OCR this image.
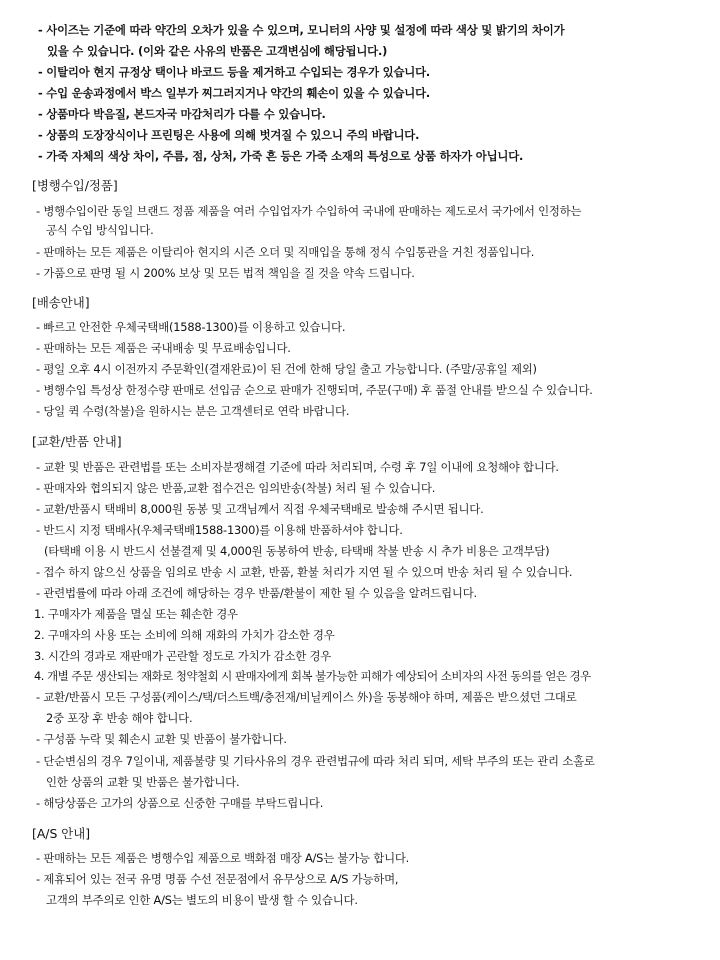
- 사이즈는 기준에 따라 약간의 오차가 있을 수 있으며, 모니터의 사양 및 설정에 따라 색상 및 밝기의 차이가
있을 수 있습니다. (이와 같은 사유의 반품은 고객변심에 해당됩니다.)
- 이탈리아 현지 규정상 택이나 바코드 등을 제거하고 수입되는 경우가 있습니다.
- 수입 운송과정에서 박스 일부가 찌그러지거나 약간의 훼손이 있을 수 있습니다.
- 상품마다 박음질, 본드자국 마감처리가 다를 수 있습니다.
- 상품의 도장장식이나 프린팅은 사용에 의해 벗겨질 수 있으니 주의 바랍니다.
- 가죽 자체의 색상 차이, 주름, 점, 상처, 가죽 흔 등은 가죽 소재의 특성으로 상품 하자가 아닙니다.
[병행수입/정품]
- 병행수입이란 동일 브랜드 정품 제품을 여러 수입업자가 수입하여 국내에 판매하는 제도로서 국가에서 인정하는
공식 수입 방식입니다.
- 판매하는 모든 제품은 이탈리아 현지의 시즌 오더 및 직매입을 통해 정식 수입통관을 거친 정품입니다.
- 가품으로 판명 될 시 200% 보상 및 모든 법적 책임을 질 것을 약속 드립니다.
[배송안내]
- 빠르고 안전한 우체국택배(1588-1300)를 이용하고 있습니다.
- 판매하는 모든 제품은 국내배송 및 무료배송입니다.
- 평일 오후 4시 이전까지 주문확인(결재완료)이 된 건에 한해 당일 출고 가능합니다. (주말/공휴일 제외)
- 병행수입 특성상 한정수량 판매로 선입금 순으로 판매가 진행되며, 주문(구매) 후 품절 안내를 받으실 수 있습니다.
- 당일 퀵 수령(착불)을 원하시는 분은 고객센터로 연락 바랍니다.
[교환/반품 안내]
- 교환 및 반품은 관련법를 또는 소비자분쟁해결 기준에 따라 처리되며, 수령 후 7일 이내에 요청해야 합니다.
- 판매자와 협의되지 않은 반품,교환 접수건은 임의반송(착불) 처리 될 수 있습니다.
- 교환/반품시 택배비 8,000원 동봉 및 고객님께서 직접 우체국택배로 발송해 주시면 됩니다.
- 반드시 지정 택배사(우체국택배1588-1300)를 이용해 반품하셔야 합니다.
(타택배 이용 시 반드시 선불결제 및 4,000원 동봉하여 반송, 타택배 착불 반송 시 추가 비용은 고객부담)
- 접수 하지 않으신 상품을 임의로 반송 시 교환, 반품, 환불 처리가 지연 될 수 있으며 반송 처리 될 수 있습니다.
- 관련법률에 따라 아래 조건에 해당하는 경우 반품/환불이 제한 될 수 있음을 알려드립니다.
1. 구매자가 제품을 멸실 또는 훼손한 경우
2. 구매자의 사용 또는 소비에 의해 재화의 가치가 감소한 경우
3. 시간의 경과로 재판매가 곤란할 정도로 가치가 감소한 경우
4. 개별 주문 생산되는 재화로 청약철회 시 판매자에게 회복 불가능한 피해가 예상되어 소비자의 사전 동의를 얻은 경우
- 교환/반품시 모든 구성품(케이스/택/더스트백/충전재/비닐케이스 外)을 동봉해야 하며, 제품은 받으셨던 그대로
2중 포장 후 반송 해야 합니다.
- 구성품 누락 및 훼손시 교환 및 반품이 불가합니다.
- 단순변심의 경우 7일이내, 제품불량 및 기타사유의 경우 관련법규에 따라 처리 되며, 세탁 부주의 또는 관리 소홀로
인한 상품의 교환 및 반품은 불가합니다.
- 해당상품은 고가의 상품으로 신중한 구매를 부탁드립니다.
[A/S 안내]
- 판매하는 모든 제품은 병행수입 제품으로 백화점 매장 A/S는 불가능 합니다.
- 제휴되어 있는 전국 유명 명품 수선 전문점에서 유무상으로 A/S 가능하며,
고객의 부주의로 인한 A/S는 별도의 비용이 발생 할 수 있습니다.
